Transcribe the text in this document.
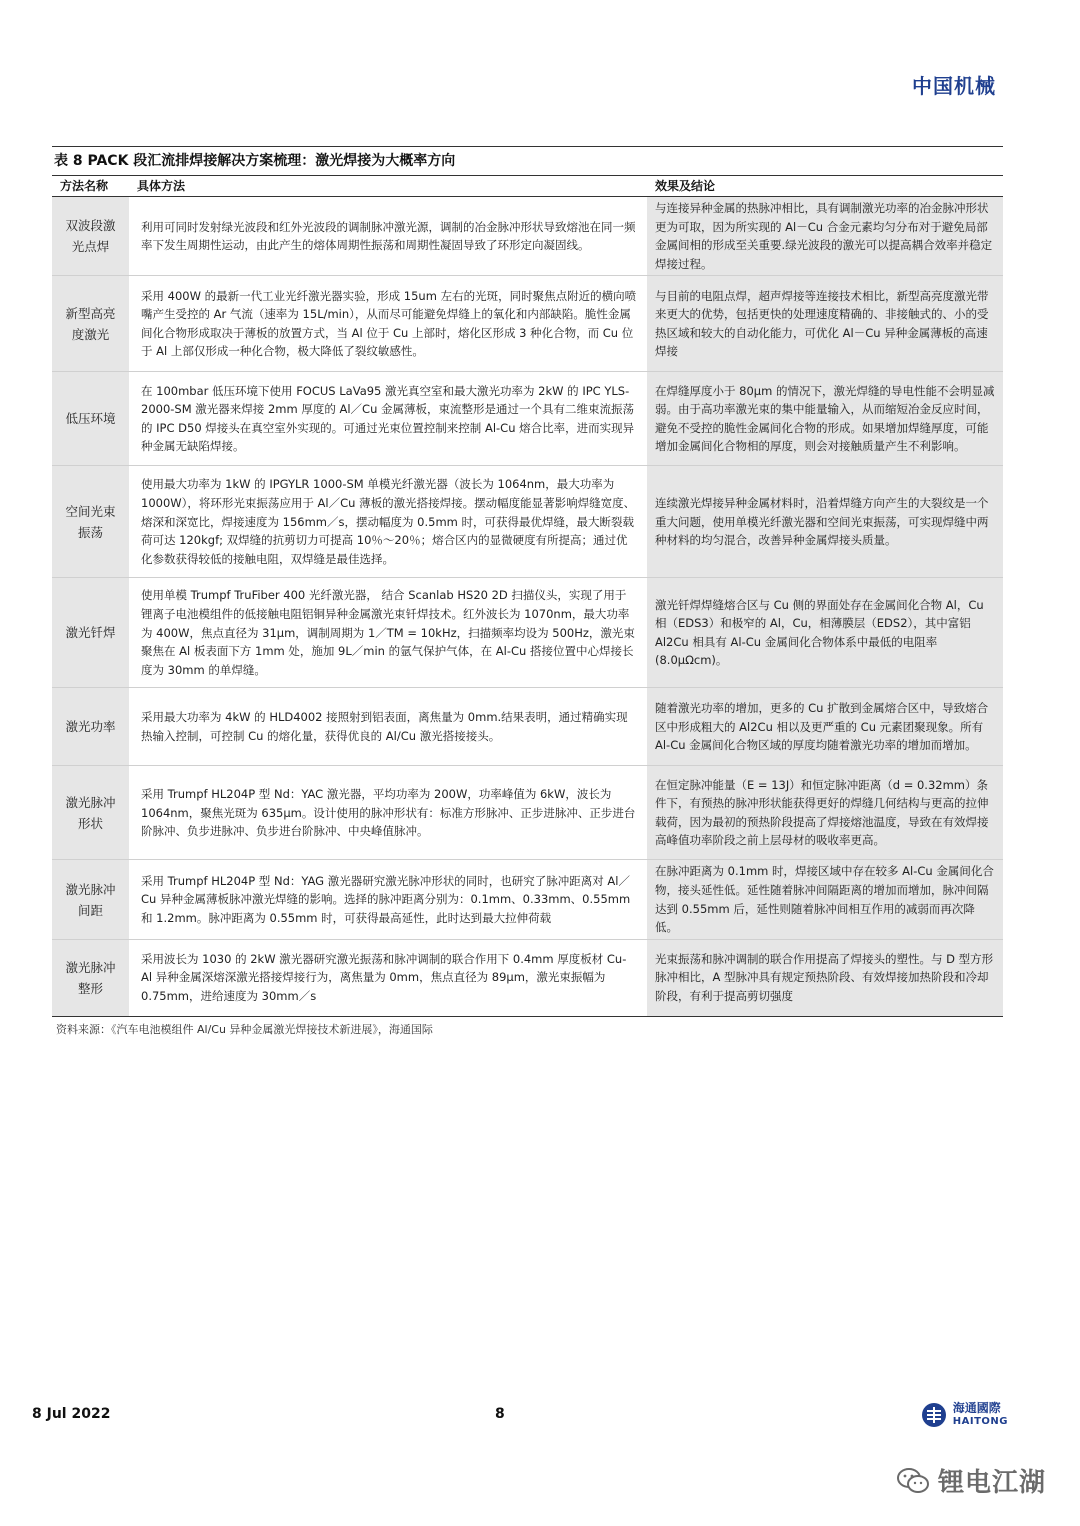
中国机械
表 8 PACK 段汇流排焊接解决方案梳理：激光焊接为大概率方向
方法名称	具体方法	效果及结论
双波段激光点焊	利用可同时发射绿光波段和红外光波段的调制脉冲激光源，调制的冶金脉冲形状导致熔池在同一频率下发生周期性运动，由此产生的熔体周期性振荡和周期性凝固导致了环形定向凝固线。	与连接异种金属的热脉冲相比，具有调制激光功率的冶金脉冲形状更为可取，因为所实现的 Al－Cu 合金元素均匀分布对于避免局部金属间相的形成至关重要.绿光波段的激光可以提高耦合效率并稳定焊接过程。
新型高亮度激光	采用 400W 的最新一代工业光纤激光器实验，形成 15um 左右的光斑，同时聚焦点附近的横向喷嘴产生受控的 Ar 气流（速率为 15L/min），从而尽可能避免焊缝上的氧化和内部缺陷。脆性金属间化合物形成取决于薄板的放置方式，当 Al 位于 Cu 上部时，熔化区形成 3 种化合物，而 Cu 位于 Al 上部仅形成一种化合物，极大降低了裂纹敏感性。	与目前的电阻点焊，超声焊接等连接技术相比，新型高亮度激光带来更大的优势，包括更快的处理速度精确的、非接触式的、小的受热区域和较大的自动化能力，可优化 Al－Cu 异种金属薄板的高速焊接
低压环境	在 100mbar 低压环境下使用 FOCUS LaVa95 激光真空室和最大激光功率为 2kW 的 IPC YLS-2000-SM 激光器来焊接 2mm 厚度的 Al／Cu 金属薄板，束流整形是通过一个具有二维束流振荡的 IPC D50 焊接头在真空室外实现的。可通过光束位置控制来控制 Al-Cu 熔合比率，进而实现异种金属无缺陷焊接。	在焊缝厚度小于 80μm 的情况下，激光焊缝的导电性能不会明显减弱。由于高功率激光束的集中能量输入，从而缩短冶金反应时间，避免不受控的脆性金属间化合物的形成。如果增加焊缝厚度，可能增加金属间化合物相的厚度，则会对接触质量产生不利影响。
空间光束振荡	使用最大功率为 1kW 的 IPGYLR 1000-SM 单模光纤激光器（波长为 1064nm，最大功率为 1000W），将环形光束振荡应用于 Al／Cu 薄板的激光搭接焊接。摆动幅度能显著影响焊缝宽度、熔深和深宽比，焊接速度为 156mm／s，摆动幅度为 0.5mm 时，可获得最优焊缝，最大断裂载荷可达 120kgf; 双焊缝的抗剪切力可提高 10％～20％；熔合区内的显微硬度有所提高；通过优化参数获得较低的接触电阻，双焊缝是最佳选择。	连续激光焊接异种金属材料时，沿着焊缝方向产生的大裂纹是一个重大问题，使用单模光纤激光器和空间光束振荡，可实现焊缝中两种材料的均匀混合，改善异种金属焊接头质量。
激光钎焊	使用单模 Trumpf TruFiber 400 光纤激光器， 结合 Scanlab HS20 2D 扫描仪头，实现了用于锂离子电池模组件的低接触电阻铝铜异种金属激光束钎焊技术。红外波长为 1070nm，最大功率为 400W，焦点直径为 31μm，调制周期为 1／TM = 10kHz，扫描频率均设为 500Hz，激光束聚焦在 Al 板表面下方 1mm 处，施加 9L／min 的氩气保护气体，在 Al-Cu 搭接位置中心焊接长度为 30mm 的单焊缝。	激光钎焊焊缝熔合区与 Cu 侧的界面处存在金属间化合物 Al，Cu 相（EDS3）和极窄的 Al，Cu，相薄膜层（EDS2），其中富铝 Al2Cu 相具有 Al-Cu 金属间化合物体系中最低的电阻率(8.0μΩcm)。
激光功率	采用最大功率为 4kW 的 HLD4002 接照射到铝表面，离焦量为 0mm.结果表明，通过精确实现热输入控制，可控制 Cu 的熔化量，获得优良的 Al/Cu 激光搭接接头。	随着激光功率的增加，更多的 Cu 扩散到金属熔合区中，导致熔合区中形成粗大的 Al2Cu 相以及更严重的 Cu 元素团聚现象。所有 Al-Cu 金属间化合物区域的厚度均随着激光功率的增加而增加。
激光脉冲形状	采用 Trumpf HL204P 型 Nd：YAC 激光器，平均功率为 200W，功率峰值为 6kW，波长为 1064nm，聚焦光斑为 635μm。设计使用的脉冲形状有：标准方形脉冲、正步进脉冲、正步进台阶脉冲、负步进脉冲、负步进台阶脉冲、中央峰值脉冲。	在恒定脉冲能量（E = 13J）和恒定脉冲距离（d = 0.32mm）条件下，有预热的脉冲形状能获得更好的焊缝几何结构与更高的拉伸载荷，因为最初的预热阶段提高了焊接熔池温度，导致在有效焊接高峰值功率阶段之前上层母材的吸收率更高。
激光脉冲间距	采用 Trumpf HL204P 型 Nd：YAG 激光器研究激光脉冲形状的同时，也研究了脉冲距离对 Al／Cu 异种金属薄板脉冲激光焊缝的影响。选择的脉冲距离分别为：0.1mm、0.33mm、0.55mm 和 1.2mm。脉冲距离为 0.55mm 时，可获得最高延性，此时达到最大拉伸荷载	在脉冲距离为 0.1mm 时，焊接区域中存在较多 Al-Cu 金属间化合物，接头延性低。延性随着脉冲间隔距离的增加而增加，脉冲间隔达到 0.55mm 后，延性则随着脉冲间相互作用的减弱而再次降低。
激光脉冲整形	采用波长为 1030 的 2kW 激光器研究激光振荡和脉冲调制的联合作用下 0.4mm 厚度板材 Cu-Al 异种金属深熔深激光搭接焊接行为，离焦量为 0mm，焦点直径为 89μm，激光束振幅为 0.75mm，进给速度为 30mm／s	光束振荡和脉冲调制的联合作用提高了焊接头的塑性。与 D 型方形脉冲相比，A 型脉冲具有规定预热阶段、有效焊接加热阶段和冷却阶段，有利于提高剪切强度
资料来源：《汽车电池模组件 Al/Cu 异种金属激光焊接技术新进展》，海通国际
8 Jul 2022	8	海通國際
HAITONG
锂电江湖
